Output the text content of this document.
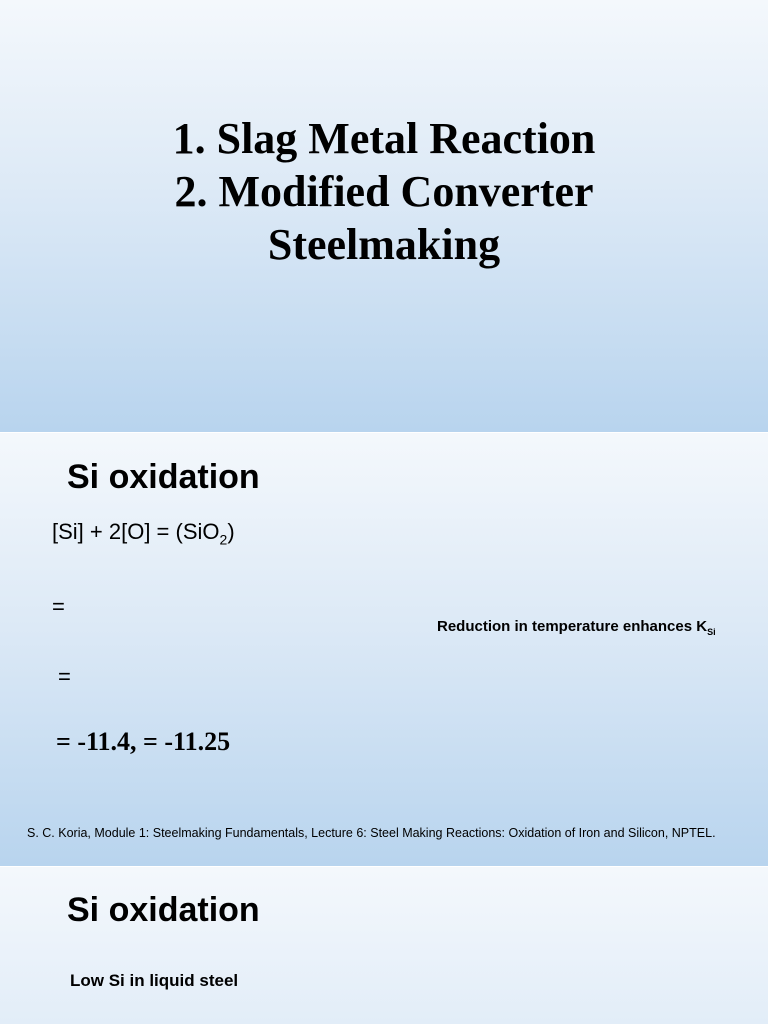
1. Slag Metal Reaction
2. Modified Converter
Steelmaking
Si oxidation
[Si] + 2[O] = (SiO$_2$)
=
=
= -11.4, = -11.25
Reduction in temperature enhances $K_{Si}$
S. C. Koria, Module 1: Steelmaking Fundamentals, Lecture 6: Steel Making Reactions: Oxidation of Iron and Silicon, NPTEL.
Si oxidation
Low Si in liquid steel
